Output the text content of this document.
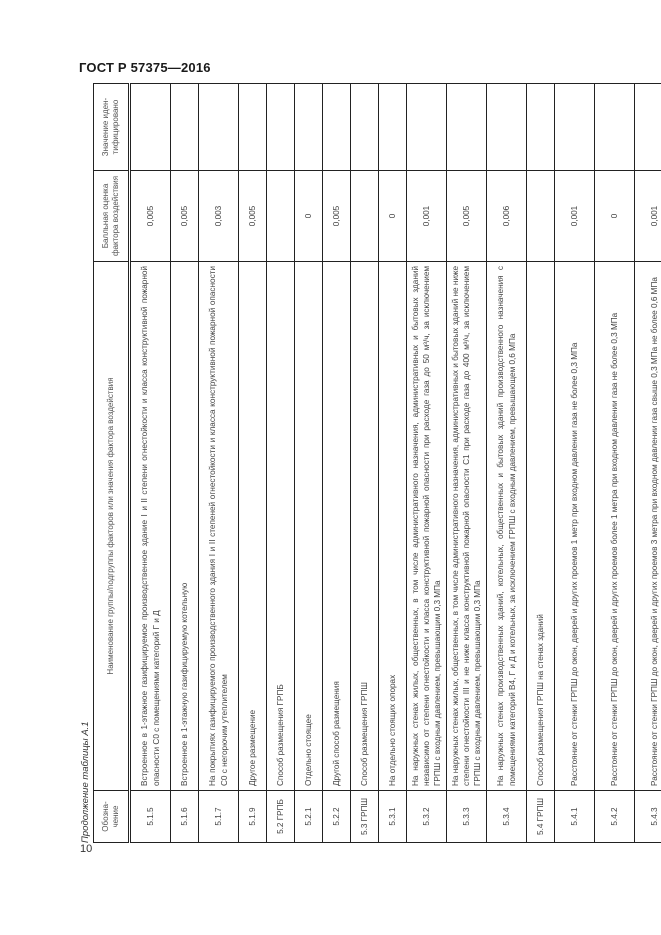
ГОСТ Р 57375—2016
Продолжение таблицы А.1 Обозна-чение	Наименование группы/подгруппы факторов или значения фактора воздействия	Балльная оценка фактора воздействия	Значение иден-тифицировано
5.1.5	Встроенное в 1-этажное газифицируемое производственное здание I и II степени огнестойкости и класса конструктивной пожарной опасности С0 с помещениями категорий Г и Д	0,005	
5.1.6	Встроенное в 1-этажную газифицируемую котельную	0,005	
5.1.7	На покрытиях газифицируемого производственного здания I и II степеней огнестойкости и класса конструктивной пожарной опасности С0 с негорючим утеплителем	0,003	
5.1.9	Другое размещение	0,005	
5.2 ГРПБ	Способ размещения ГРПБ		
5.2.1	Отдельно стоящее	0	
5.2.2	Другой способ размещения	0,005	
5.3 ГРПШ	Способ размещения ГРПШ		
5.3.1	На отдельно стоящих опорах	0	
5.3.2	На наружных стенах жилых, общественных, в том числе административного назначения, административных и бытовых зданий независимо от степени огнестойкости и класса конструктивной пожарной опасности при расходе газа до 50 м³/ч, за исключением ГРПШ с входным давлением, превышающим 0,3 МПа	0,001	
5.3.3	На наружных стенах жилых, общественных, в том числе административного назначения, административных и бытовых зданий не ниже степени огнестойкости III и не ниже класса конструктивной пожарной опасности С1 при расходе газа до 400 м³/ч, за исключением ГРПШ с входным давлением, превышающим 0,3 МПа	0,005	
5.3.4	На наружных стенах производственных зданий, котельных, общественных и бытовых зданий производственного назначения с помещениями категорий В4, Г и Д и котельных, за исключением ГРПШ с входным давлением, превышающем 0,6 МПа	0,006	
5.4 ГРПШ	Способ размещения ГРПШ на стенах зданий		
5.4.1	Расстояние от стенки ГРПШ до окон, дверей и других проемов 1 метр при входном давлении газа не более 0,3 МПа	0,001	
5.4.2	Расстояние от стенки ГРПШ до окон, дверей и других проемов более 1 метра при входном давлении газа не более 0,3 МПа	0	
5.4.3	Расстояние от стенки ГРПШ до окон, дверей и других проемов 3 метра при входном давлении газа свыше 0,3 МПа не более 0,6 МПа	0,001	
10
